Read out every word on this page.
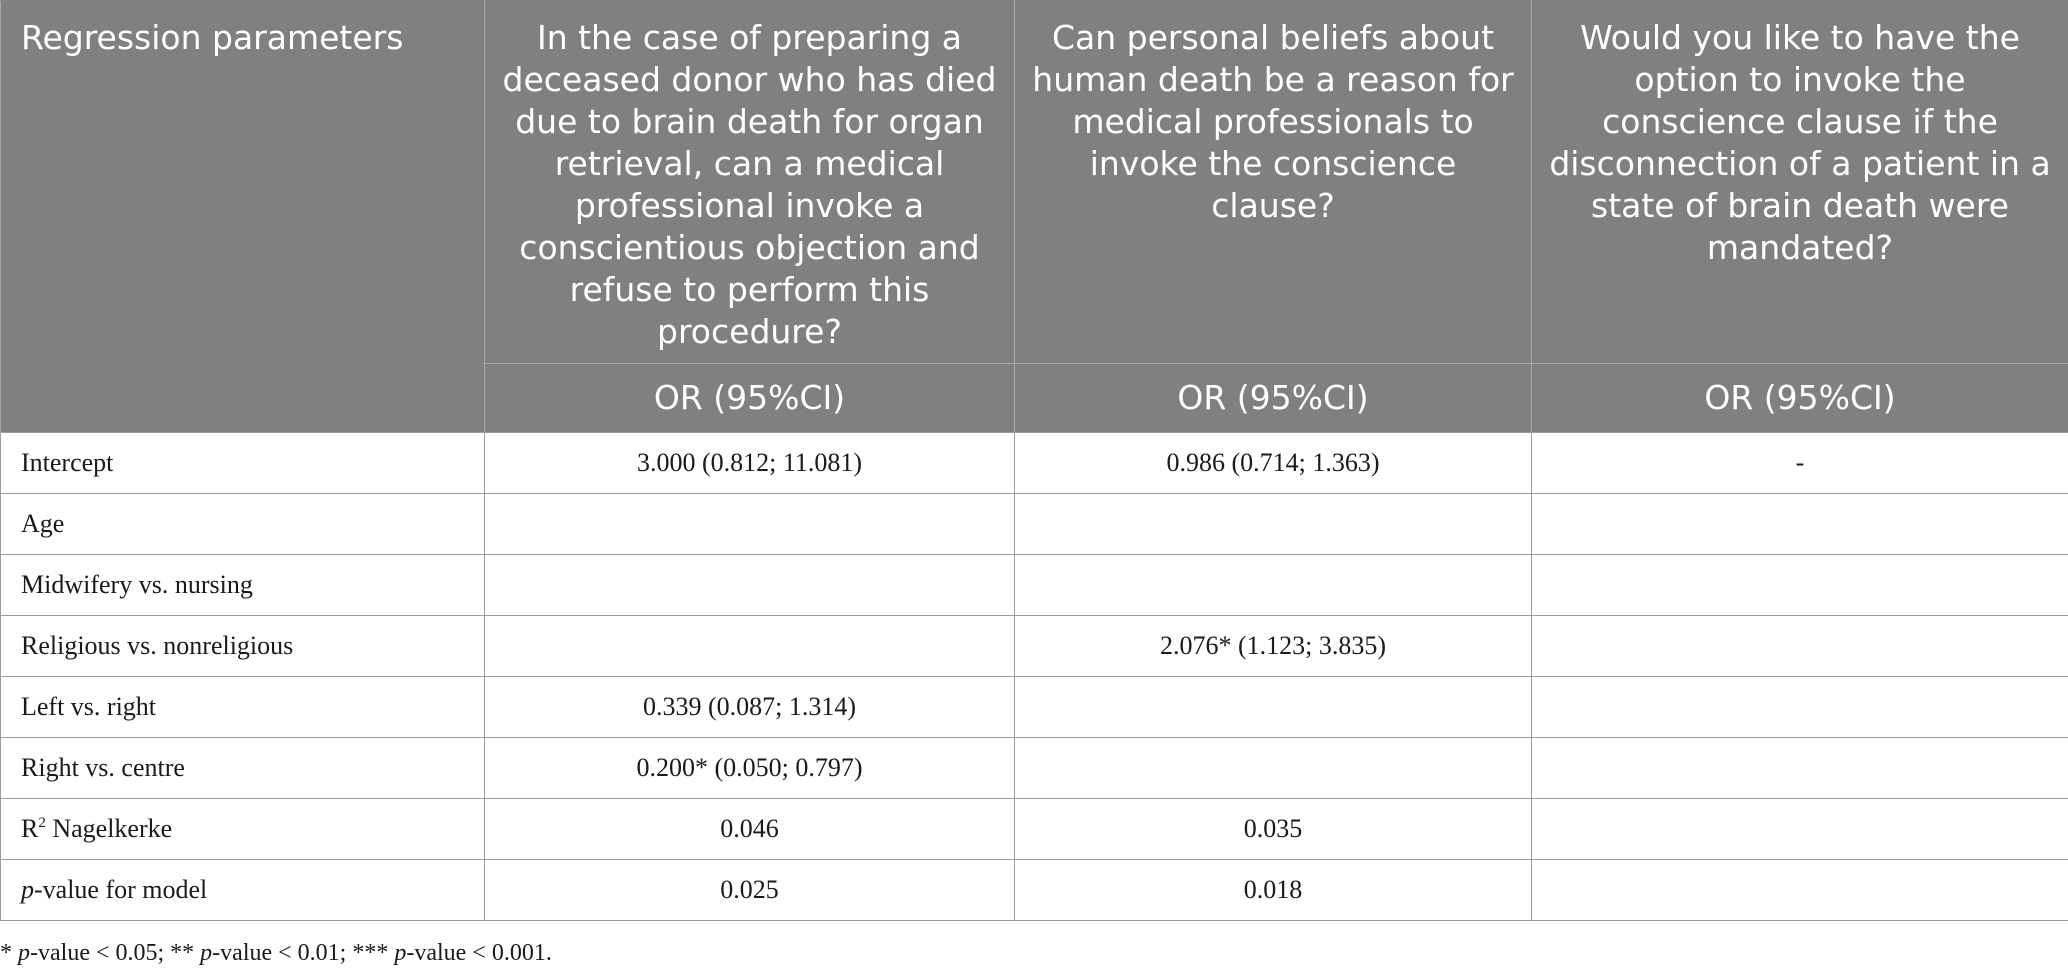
Regression parameters	In the case of preparing a deceased donor who has died due to brain death for organ retrieval, can a medical professional invoke a conscientious objection and refuse to perform this procedure?	Can personal beliefs about human death be a reason for medical professionals to invoke the conscience clause?	Would you like to have the option to invoke the conscience clause if the disconnection of a patient in a state of brain death were mandated?
	OR (95%CI)	OR (95%CI)	OR (95%CI)
Intercept	3.000 (0.812; 11.081)	0.986 (0.714; 1.363)	-
Age			
Midwifery vs. nursing			
Religious vs. nonreligious		2.076* (1.123; 3.835)	
Left vs. right	0.339 (0.087; 1.314)		
Right vs. centre	0.200* (0.050; 0.797)		
$R^2$ Nagelkerke	0.046	0.035	
p-value for model	0.025	0.018	
* p-value < 0.05; ** p-value < 0.01; *** p-value < 0.001.
